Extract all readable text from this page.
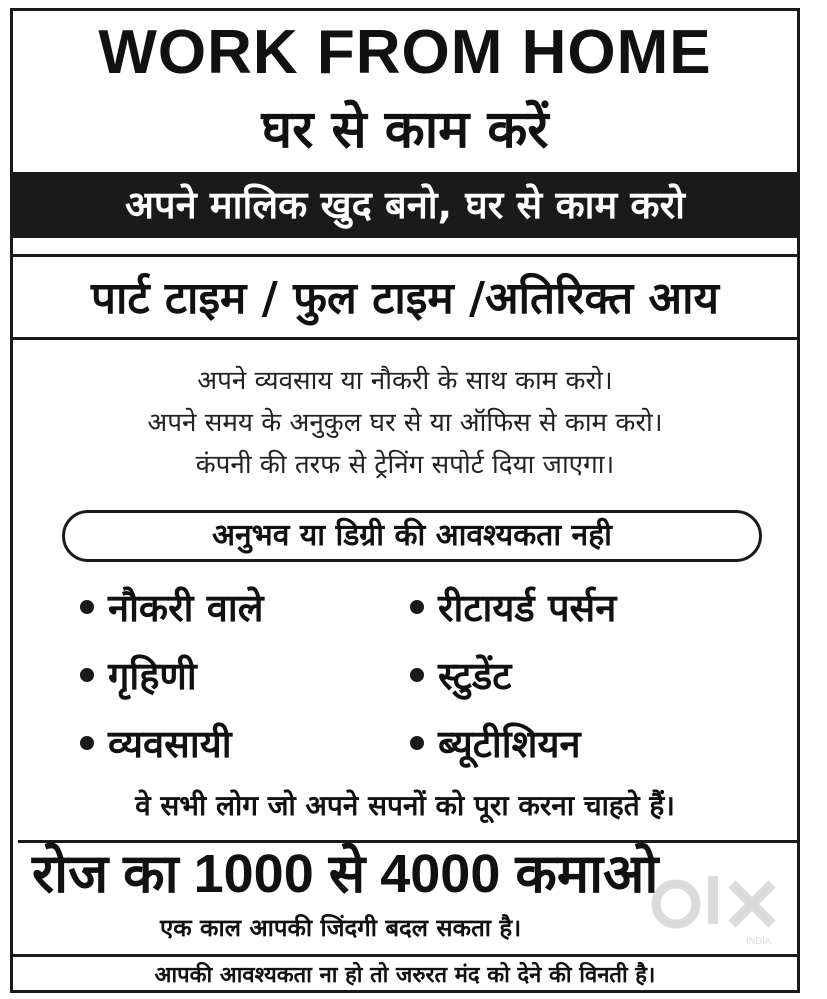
WORK FROM HOME
घर से काम करें
अपने मालिक खुद बनो, घर से काम करो
पार्ट टाइम / फुल टाइम /अतिरिक्त आय
अपने व्यवसाय या नौकरी के साथ काम करो।
अपने समय के अनुकुल घर से या ऑफिस से काम करो।
कंपनी की तरफ से ट्रेनिंग सपोर्ट दिया जाएगा।
अनुभव या डिग्री की आवश्यकता नही
नौकरी वाले	रीटायर्ड पर्सन
गृहिणी	स्टुडेंट
व्यवसायी	ब्यूटीशियन
वे सभी लोग जो अपने सपनों को पूरा करना चाहते हैं।
रोज का 1000 से 4000 कमाओ
एक काल आपकी जिंदगी बदल सकता है।
आपकी आवश्यकता ना हो तो जरुरत मंद को देने की विनती है।
INDIA
